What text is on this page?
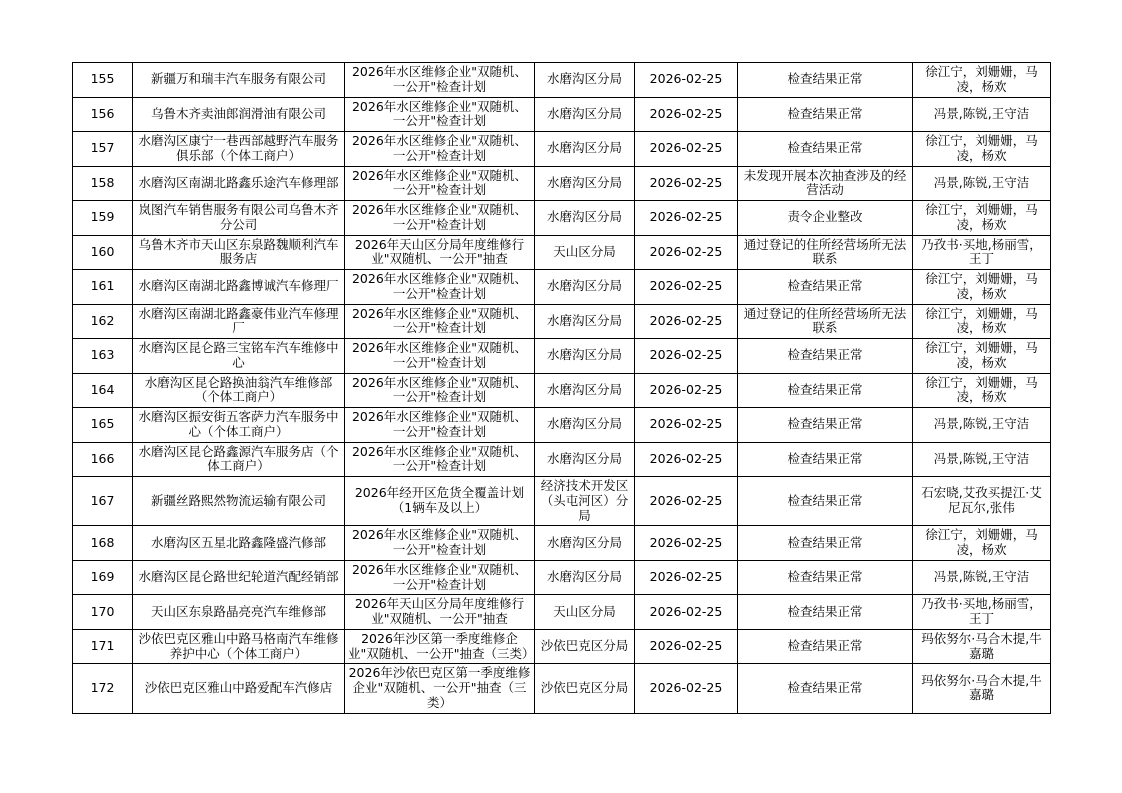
155	新疆万和瑞丰汽车服务有限公司	2026年水区维修企业"双随机、一公开"检查计划	水磨沟区分局	2026-02-25	检查结果正常	徐江宁，刘姗姗，马凌，杨欢
156	乌鲁木齐卖油郎润滑油有限公司	2026年水区维修企业"双随机、一公开"检查计划	水磨沟区分局	2026-02-25	检查结果正常	冯景,陈锐,王守洁
157	水磨沟区康宁一巷西部越野汽车服务俱乐部（个体工商户）	2026年水区维修企业"双随机、一公开"检查计划	水磨沟区分局	2026-02-25	检查结果正常	徐江宁，刘姗姗，马凌，杨欢
158	水磨沟区南湖北路鑫乐途汽车修理部	2026年水区维修企业"双随机、一公开"检查计划	水磨沟区分局	2026-02-25	未发现开展本次抽查涉及的经营活动	冯景,陈锐,王守洁
159	岚图汽车销售服务有限公司乌鲁木齐分公司	2026年水区维修企业"双随机、一公开"检查计划	水磨沟区分局	2026-02-25	责令企业整改	徐江宁，刘姗姗，马凌，杨欢
160	乌鲁木齐市天山区东泉路魏顺利汽车服务店	2026年天山区分局年度维修行业"双随机、一公开"抽查	天山区分局	2026-02-25	通过登记的住所经营场所无法联系	乃孜书·买地,杨丽雪，王丁
161	水磨沟区南湖北路鑫博诚汽车修理厂	2026年水区维修企业"双随机、一公开"检查计划	水磨沟区分局	2026-02-25	检查结果正常	徐江宁，刘姗姗，马凌，杨欢
162	水磨沟区南湖北路鑫豪伟业汽车修理厂	2026年水区维修企业"双随机、一公开"检查计划	水磨沟区分局	2026-02-25	通过登记的住所经营场所无法联系	徐江宁，刘姗姗，马凌，杨欢
163	水磨沟区昆仑路三宝铭车汽车维修中心	2026年水区维修企业"双随机、一公开"检查计划	水磨沟区分局	2026-02-25	检查结果正常	徐江宁，刘姗姗，马凌，杨欢
164	水磨沟区昆仑路换油翁汽车维修部（个体工商户）	2026年水区维修企业"双随机、一公开"检查计划	水磨沟区分局	2026-02-25	检查结果正常	徐江宁，刘姗姗，马凌，杨欢
165	水磨沟区振安街五客萨力汽车服务中心（个体工商户）	2026年水区维修企业"双随机、一公开"检查计划	水磨沟区分局	2026-02-25	检查结果正常	冯景,陈锐,王守洁
166	水磨沟区昆仑路鑫源汽车服务店（个体工商户）	2026年水区维修企业"双随机、一公开"检查计划	水磨沟区分局	2026-02-25	检查结果正常	冯景,陈锐,王守洁
167	新疆丝路熙然物流运输有限公司	2026年经开区危货全覆盖计划（1辆车及以上）	经济技术开发区（头屯河区）分局	2026-02-25	检查结果正常	石宏晓,艾孜买提江·艾尼瓦尔,张伟
168	水磨沟区五星北路鑫隆盛汽修部	2026年水区维修企业"双随机、一公开"检查计划	水磨沟区分局	2026-02-25	检查结果正常	徐江宁，刘姗姗，马凌，杨欢
169	水磨沟区昆仑路世纪轮道汽配经销部	2026年水区维修企业"双随机、一公开"检查计划	水磨沟区分局	2026-02-25	检查结果正常	冯景,陈锐,王守洁
170	天山区东泉路晶亮亮汽车维修部	2026年天山区分局年度维修行业"双随机、一公开"抽查	天山区分局	2026-02-25	检查结果正常	乃孜书·买地,杨丽雪，王丁
171	沙依巴克区雅山中路马格南汽车维修养护中心（个体工商户）	2026年沙区第一季度维修企业"双随机、一公开"抽查（三类）	沙依巴克区分局	2026-02-25	检查结果正常	玛依努尔·马合木提,牛嘉璐
172	沙依巴克区雅山中路爱配车汽修店	2026年沙依巴克区第一季度维修企业"双随机、一公开"抽查（三类）	沙依巴克区分局	2026-02-25	检查结果正常	玛依努尔·马合木提,牛嘉璐
